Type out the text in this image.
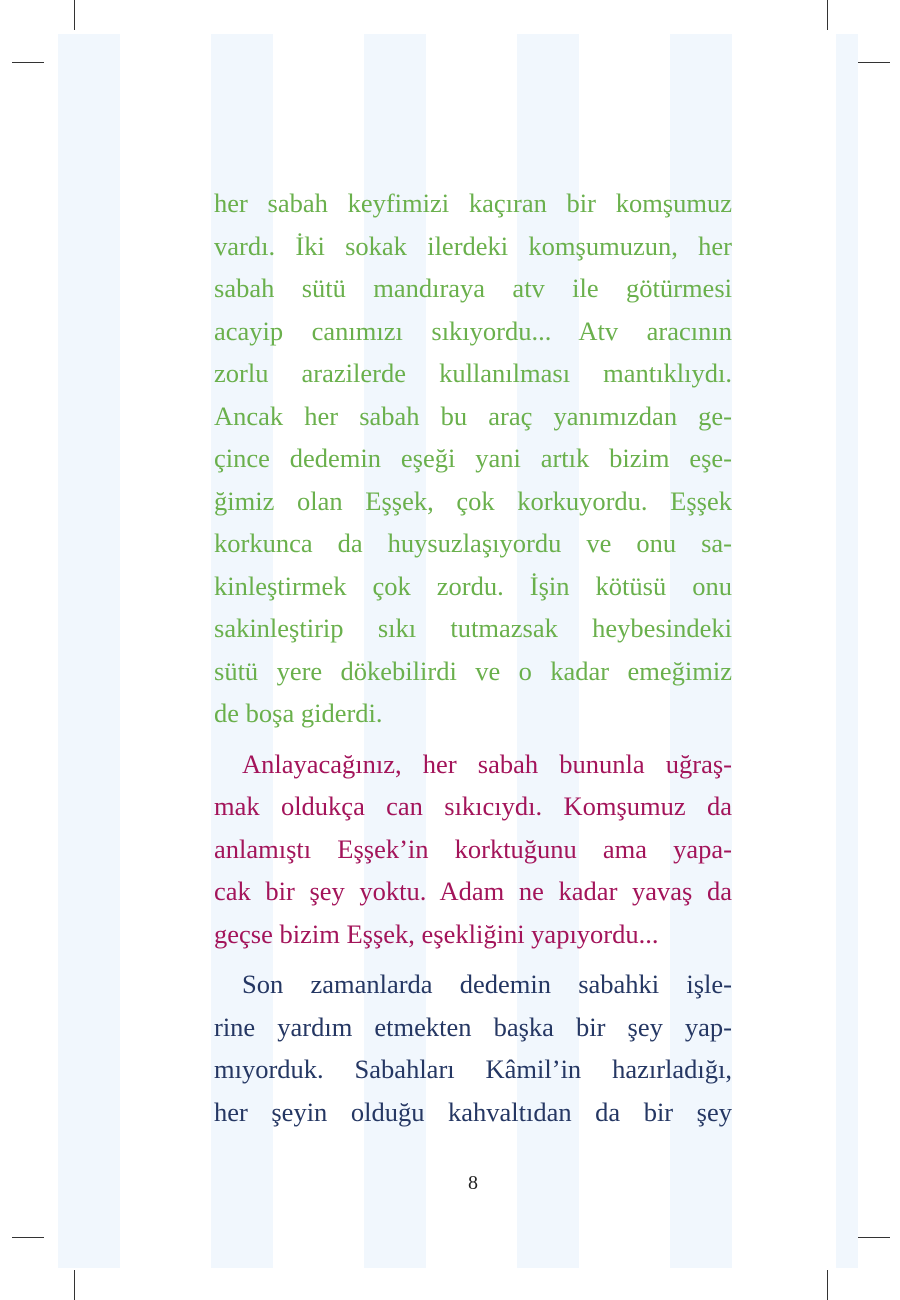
her sabah keyfimizi kaçıran bir komşumuz
vardı. İki sokak ilerdeki komşumuzun, her
sabah sütü mandıraya atv ile götürmesi
acayip canımızı sıkıyordu... Atv aracının
zorlu arazilerde kullanılması mantıklıydı.
Ancak her sabah bu araç yanımızdan ge-
çince dedemin eşeği yani artık bizim eşe-
ğimiz olan Eşşek, çok korkuyordu. Eşşek
korkunca da huysuzlaşıyordu ve onu sa-
kinleştirmek çok zordu. İşin kötüsü onu
sakinleştirip sıkı tutmazsak heybesindeki
sütü yere dökebilirdi ve o kadar emeğimiz
de boşa giderdi.
Anlayacağınız, her sabah bununla uğraş-
mak oldukça can sıkıcıydı. Komşumuz da
anlamıştı Eşşek’in korktuğunu ama yapa-
cak bir şey yoktu. Adam ne kadar yavaş da
geçse bizim Eşşek, eşekliğini yapıyordu...
Son zamanlarda dedemin sabahki işle-
rine yardım etmekten başka bir şey yap-
mıyorduk. Sabahları Kâmil’in hazırladığı,
her şeyin olduğu kahvaltıdan da bir şey
8
